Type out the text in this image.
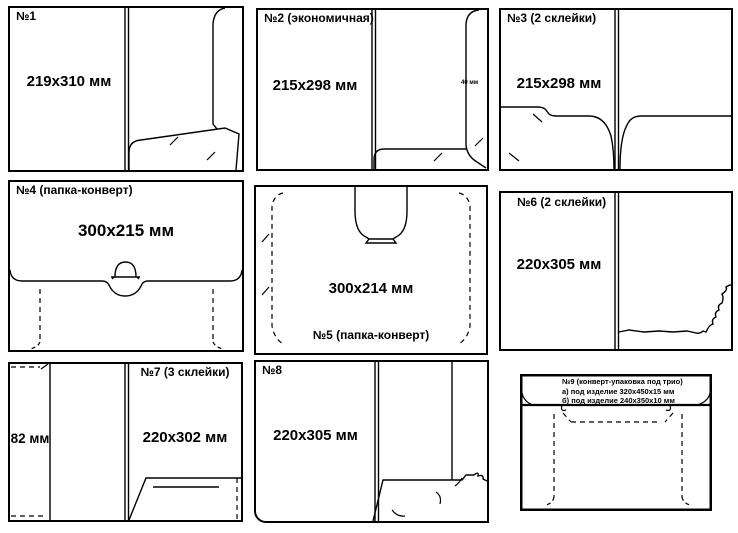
№1
219x310 мм
№2 (экономичная)
215x298 мм	40 мм
№3 (2 склейки)
215x298 мм
№4 (папка-конверт)
300x215 мм
300x214 мм
№5 (папка-конверт)
№6 (2 склейки)
220x305 мм
82 мм
№7 (3 склейки)
220x302 мм
№8
220x305 мм
№9 (конверт-упаковка под трио)
а) под изделие 320x450x15 мм
б) под изделие 240x350x10 мм
